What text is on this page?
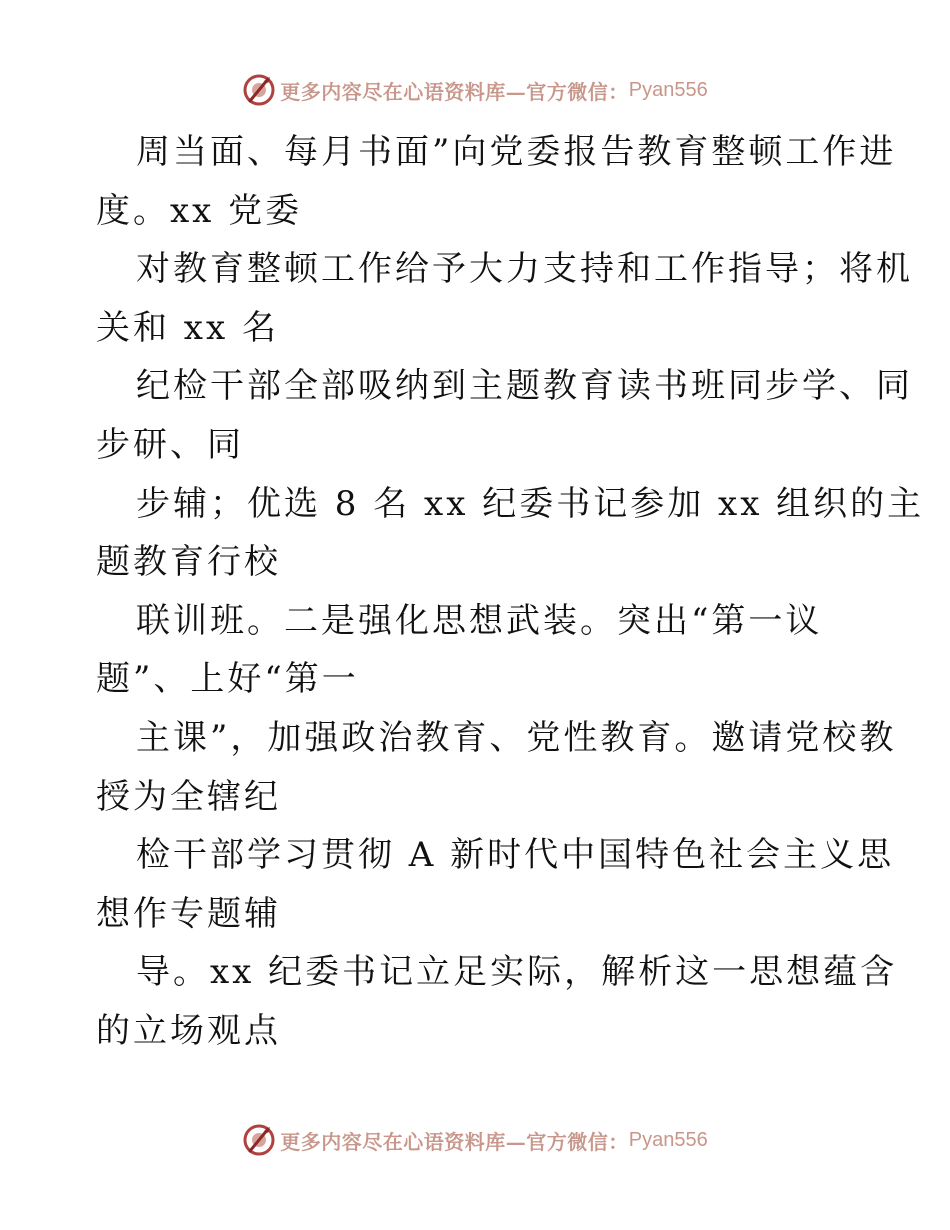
更多内容尽在心语资料库—官方微信： Pyan556
周当面、每月书面”向党委报告教育整顿工作进
度。xx 党委
对教育整顿工作给予大力支持和工作指导；将机
关和 xx 名
纪检干部全部吸纳到主题教育读书班同步学、同
步研、同
步辅；优选 8 名 xx 纪委书记参加 xx 组织的主
题教育行校
联训班。二是强化思想武装。突出“第一议
题”、上好“第一
主课”，加强政治教育、党性教育。邀请党校教
授为全辖纪
检干部学习贯彻 A 新时代中国特色社会主义思
想作专题辅
导。xx 纪委书记立足实际，解析这一思想蕴含
的立场观点
更多内容尽在心语资料库—官方微信： Pyan556
